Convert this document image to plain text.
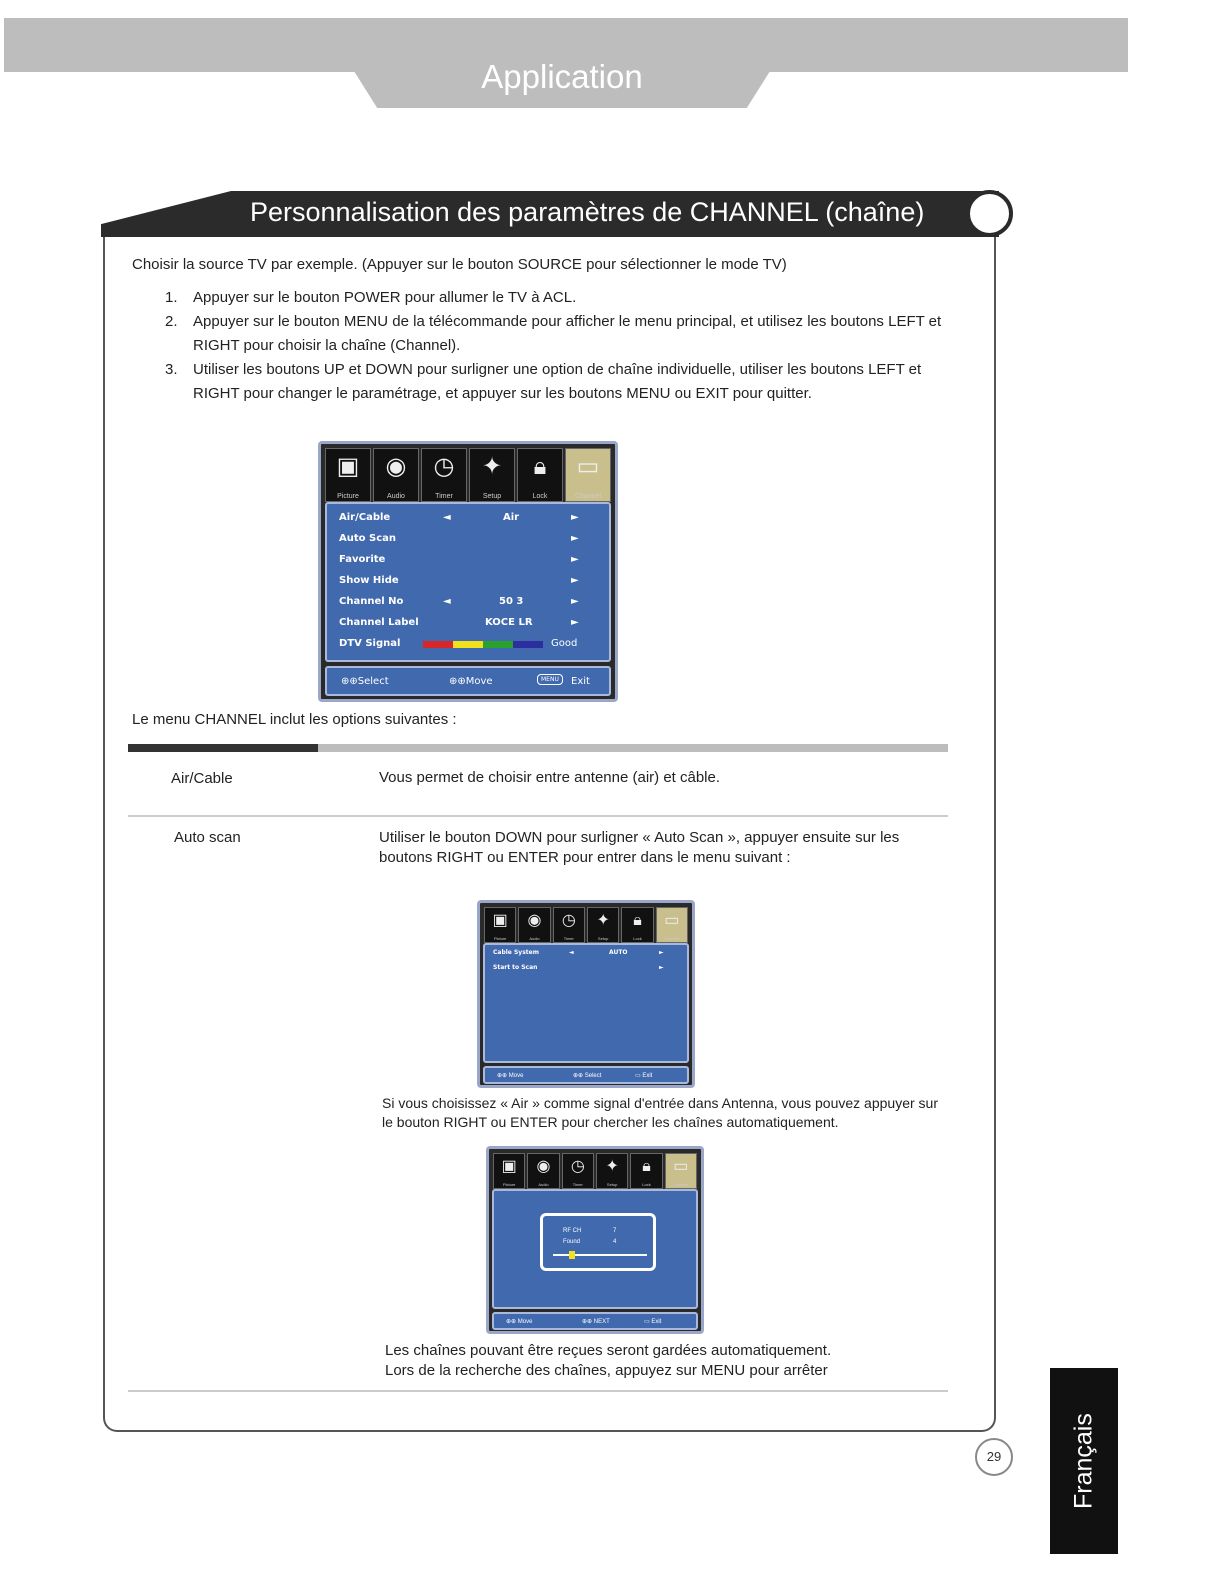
Application
Personnalisation des paramètres de CHANNEL (chaîne)
Choisir la source TV par exemple. (Appuyer sur le bouton SOURCE pour sélectionner le mode TV)
1. Appuyer sur le bouton POWER pour allumer le TV à ACL.
2. Appuyer sur le bouton MENU de la télécommande pour afficher le menu principal, et utilisez les boutons LEFT et RIGHT pour choisir la chaîne (Channel).
3. Utiliser les boutons UP et DOWN pour surligner une option de chaîne individuelle, utiliser les boutons LEFT et RIGHT pour changer le paramétrage, et appuyer sur les boutons MENU ou EXIT pour quitter.
▣
Picture
◉
Audio
◷
Timer
✦
Setup
🔒︎
Lock
▭
Channel
Air/Cable	◄	Air	►
Auto Scan	►
Favorite	►
Show Hide	►
Channel No	◄	50 3	►
Channel Label	KOCE LR	►
DTV Signal	Good
⊕⊕Select	⊕⊕Move	MENU	Exit
Le menu CHANNEL inclut les options suivantes :
Air/Cable	Vous permet de choisir entre antenne (air) et câble.
Auto scan	Utiliser le bouton DOWN pour surligner « Auto Scan », appuyer ensuite sur les boutons RIGHT ou ENTER pour entrer dans le menu suivant :
▣
Picture
◉
Audio
◷
Timer
✦
Setup
🔒︎
Lock
▭
Channel
Cable System	◄	AUTO	►
Start to Scan	►
⊕⊕ Move	⊕⊕ Select	▭ Exit
Si vous choisissez « Air » comme signal d'entrée dans Antenna, vous pouvez appuyer sur le bouton RIGHT ou ENTER pour chercher les chaînes automatiquement.
▣
Picture
◉
Audio
◷
Timer
✦
Setup
🔒︎
Lock
▭
Channel
RF CH	7
Found	4
⊕⊕ Move	⊕⊕ NEXT	▭ Exit
Les chaînes pouvant être reçues seront gardées automatiquement.
Lors de la recherche des chaînes, appuyez sur MENU pour arrêter
Français
29
